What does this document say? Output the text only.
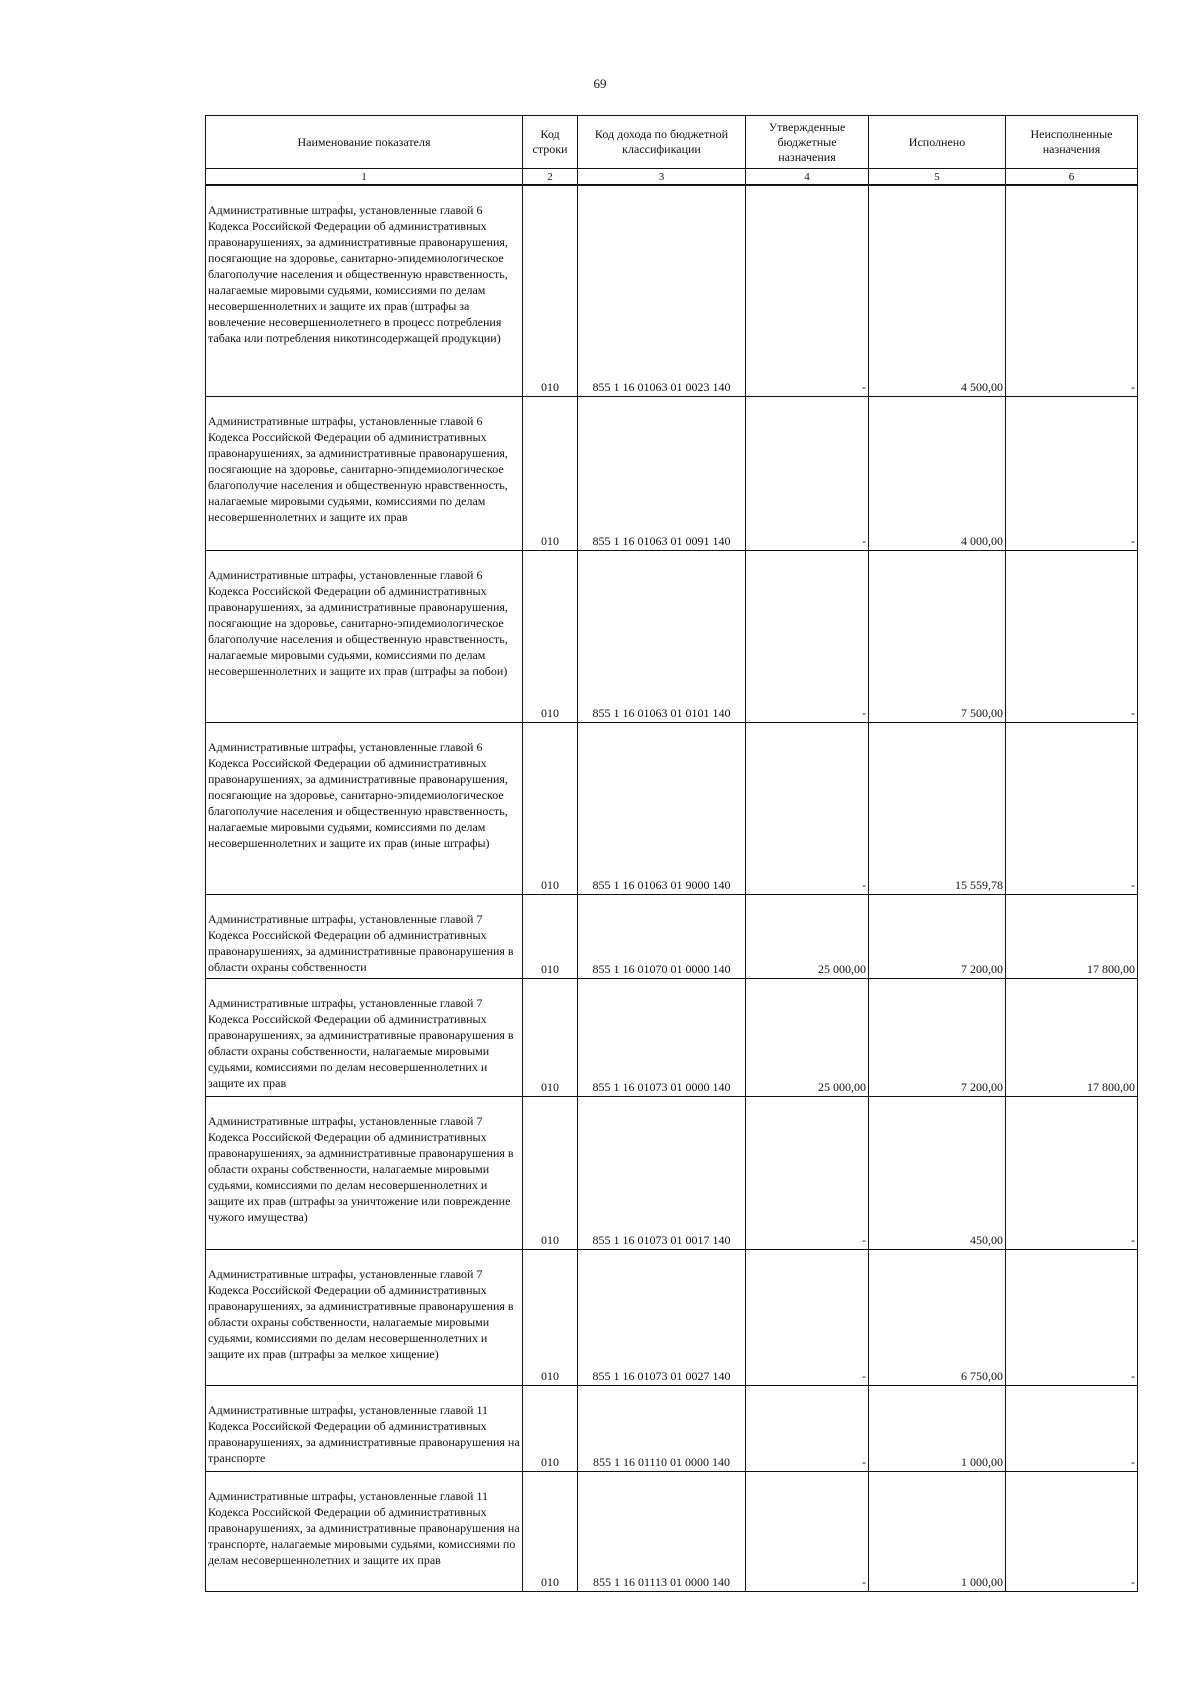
69
Наименование показателя	Код строки	Код дохода по бюджетной классификации	Утвержденные бюджетные назначения	Исполнено	Неисполненные назначения
1	2	3	4	5	6
Административные штрафы, установленные главой 6 Кодекса Российской Федерации об административных правонарушениях, за административные правонарушения, посягающие на здоровье, санитарно-эпидемиологическое благополучие населения и общественную нравственность, налагаемые мировыми судьями, комиссиями по делам несовершеннолетних и защите их прав (штрафы за вовлечение несовершеннолетнего в процесс потребления табака или потребления никотинсодержащей продукции)	010	855 1 16 01063 01 0023 140	-	4 500,00	-
Административные штрафы, установленные главой 6 Кодекса Российской Федерации об административных правонарушениях, за административные правонарушения, посягающие на здоровье, санитарно-эпидемиологическое благополучие населения и общественную нравственность, налагаемые мировыми судьями, комиссиями по делам несовершеннолетних и защите их прав	010	855 1 16 01063 01 0091 140	-	4 000,00	-
Административные штрафы, установленные главой 6 Кодекса Российской Федерации об административных правонарушениях, за административные правонарушения, посягающие на здоровье, санитарно-эпидемиологическое благополучие населения и общественную нравственность, налагаемые мировыми судьями, комиссиями по делам несовершеннолетних и защите их прав (штрафы за побои)	010	855 1 16 01063 01 0101 140	-	7 500,00	-
Административные штрафы, установленные главой 6 Кодекса Российской Федерации об административных правонарушениях, за административные правонарушения, посягающие на здоровье, санитарно-эпидемиологическое благополучие населения и общественную нравственность, налагаемые мировыми судьями, комиссиями по делам несовершеннолетних и защите их прав (иные штрафы)	010	855 1 16 01063 01 9000 140	-	15 559,78	-
Административные штрафы, установленные главой 7 Кодекса Российской Федерации об административных правонарушениях, за административные правонарушения в области охраны собственности	010	855 1 16 01070 01 0000 140	25 000,00	7 200,00	17 800,00
Административные штрафы, установленные главой 7 Кодекса Российской Федерации об административных правонарушениях, за административные правонарушения в области охраны собственности, налагаемые мировыми судьями, комиссиями по делам несовершеннолетних и защите их прав	010	855 1 16 01073 01 0000 140	25 000,00	7 200,00	17 800,00
Административные штрафы, установленные главой 7 Кодекса Российской Федерации об административных правонарушениях, за административные правонарушения в области охраны собственности, налагаемые мировыми судьями, комиссиями по делам несовершеннолетних и защите их прав (штрафы за уничтожение или повреждение чужого имущества)	010	855 1 16 01073 01 0017 140	-	450,00	-
Административные штрафы, установленные главой 7 Кодекса Российской Федерации об административных правонарушениях, за административные правонарушения в области охраны собственности, налагаемые мировыми судьями, комиссиями по делам несовершеннолетних и защите их прав (штрафы за мелкое хищение)	010	855 1 16 01073 01 0027 140	-	6 750,00	-
Административные штрафы, установленные главой 11 Кодекса Российской Федерации об административных правонарушениях, за административные правонарушения на транспорте	010	855 1 16 01110 01 0000 140	-	1 000,00	-
Административные штрафы, установленные главой 11 Кодекса Российской Федерации об административных правонарушениях, за административные правонарушения на транспорте, налагаемые мировыми судьями, комиссиями по делам несовершеннолетних и защите их прав	010	855 1 16 01113 01 0000 140	-	1 000,00	-
